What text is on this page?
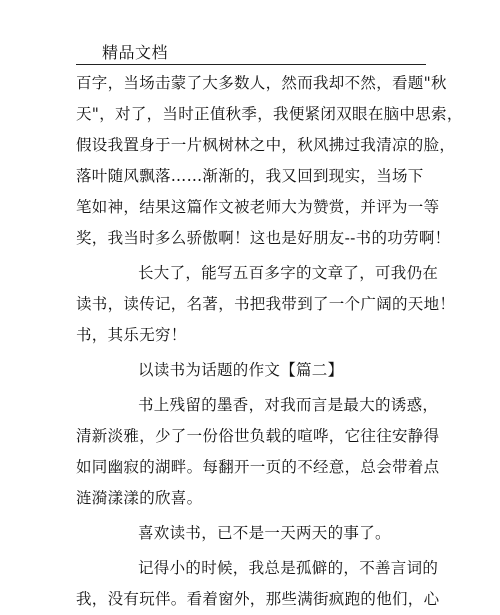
精品文档

百字，当场击蒙了大多数人，然而我却不然，看题"秋
天"，对了，当时正值秋季，我便紧闭双眼在脑中思索，
假设我置身于一片枫树林之中，秋风拂过我清凉的脸，
落叶随风飘落……渐渐的，我又回到现实，当场下
笔如神，结果这篇作文被老师大为赞赏，并评为一等
奖，我当时多么骄傲啊！这也是好朋友--书的功劳啊！

长大了，能写五百多字的文章了，可我仍在
读书，读传记，名著，书把我带到了一个广阔的天地！
书，其乐无穷！

以读书为话题的作文【篇二】

书上残留的墨香，对我而言是最大的诱惑，
清新淡雅，少了一份俗世负载的喧哗，它往往安静得
如同幽寂的湖畔。每翻开一页的不经意，总会带着点
涟漪漾漾的欣喜。

喜欢读书，已不是一天两天的事了。

记得小的时候，我总是孤僻的，不善言词的
我，没有玩伴。看着窗外，那些满街疯跑的他们，心
